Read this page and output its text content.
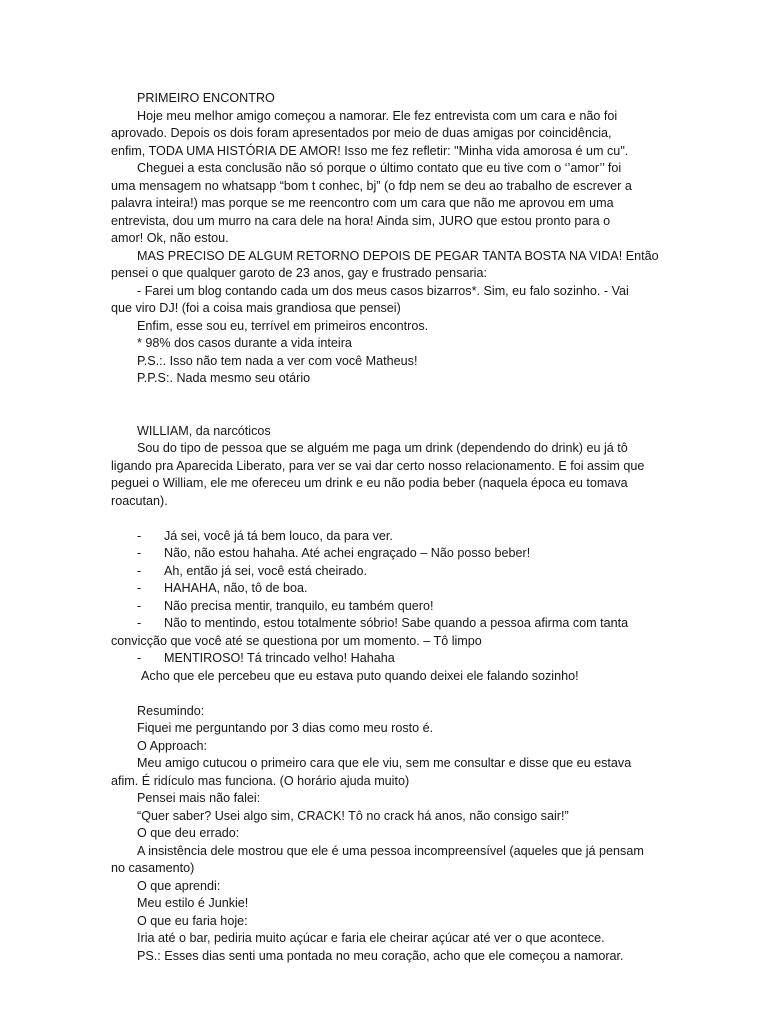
PRIMEIRO ENCONTRO
Hoje meu melhor amigo começou a namorar. Ele fez entrevista com um cara e não foi
aprovado. Depois os dois foram apresentados por meio de duas amigas por coincidência,
enfim, TODA UMA HISTÓRIA DE AMOR! Isso me fez refletir: "Minha vida amorosa é um cu".
Cheguei a esta conclusão não só porque o último contato que eu tive com o ‘’amor’’ foi
uma mensagem no whatsapp “bom t conhec, bj” (o fdp nem se deu ao trabalho de escrever a
palavra inteira!) mas porque se me reencontro com um cara que não me aprovou em uma
entrevista, dou um murro na cara dele na hora! Ainda sim, JURO que estou pronto para o
amor! Ok, não estou.
MAS PRECISO DE ALGUM RETORNO DEPOIS DE PEGAR TANTA BOSTA NA VIDA! Então
pensei o que qualquer garoto de 23 anos, gay e frustrado pensaria:
- Farei um blog contando cada um dos meus casos bizarros*. Sim, eu falo sozinho. - Vai
que viro DJ! (foi a coisa mais grandiosa que pensei)
Enfim, esse sou eu, terrível em primeiros encontros.
* 98% dos casos durante a vida inteira
P.S.:. Isso não tem nada a ver com você Matheus!
P.P.S:. Nada mesmo seu otário
WILLIAM, da narcóticos
Sou do tipo de pessoa que se alguém me paga um drink (dependendo do drink) eu já tô
ligando pra Aparecida Liberato, para ver se vai dar certo nosso relacionamento. E foi assim que
peguei o William, ele me ofereceu um drink e eu não podia beber (naquela época eu tomava
roacutan).
- Já sei, você já tá bem louco, da para ver.
- Não, não estou hahaha. Até achei engraçado – Não posso beber!
- Ah, então já sei, você está cheirado.
- HAHAHA, não, tô de boa.
- Não precisa mentir, tranquilo, eu também quero!
- Não to mentindo, estou totalmente sóbrio! Sabe quando a pessoa afirma com tanta
convicção que você até se questiona por um momento. – Tô limpo
- MENTIROSO! Tá trincado velho! Hahaha
Acho que ele percebeu que eu estava puto quando deixei ele falando sozinho!
Resumindo:
Fiquei me perguntando por 3 dias como meu rosto é.
O Approach:
Meu amigo cutucou o primeiro cara que ele viu, sem me consultar e disse que eu estava
afim. É ridículo mas funciona. (O horário ajuda muito)
Pensei mais não falei:
“Quer saber? Usei algo sim, CRACK! Tô no crack há anos, não consigo sair!”
O que deu errado:
A insistência dele mostrou que ele é uma pessoa incompreensível (aqueles que já pensam
no casamento)
O que aprendi:
Meu estilo é Junkie!
O que eu faria hoje:
Iria até o bar, pediria muito açúcar e faria ele cheirar açúcar até ver o que acontece.
PS.: Esses dias senti uma pontada no meu coração, acho que ele começou a namorar.
